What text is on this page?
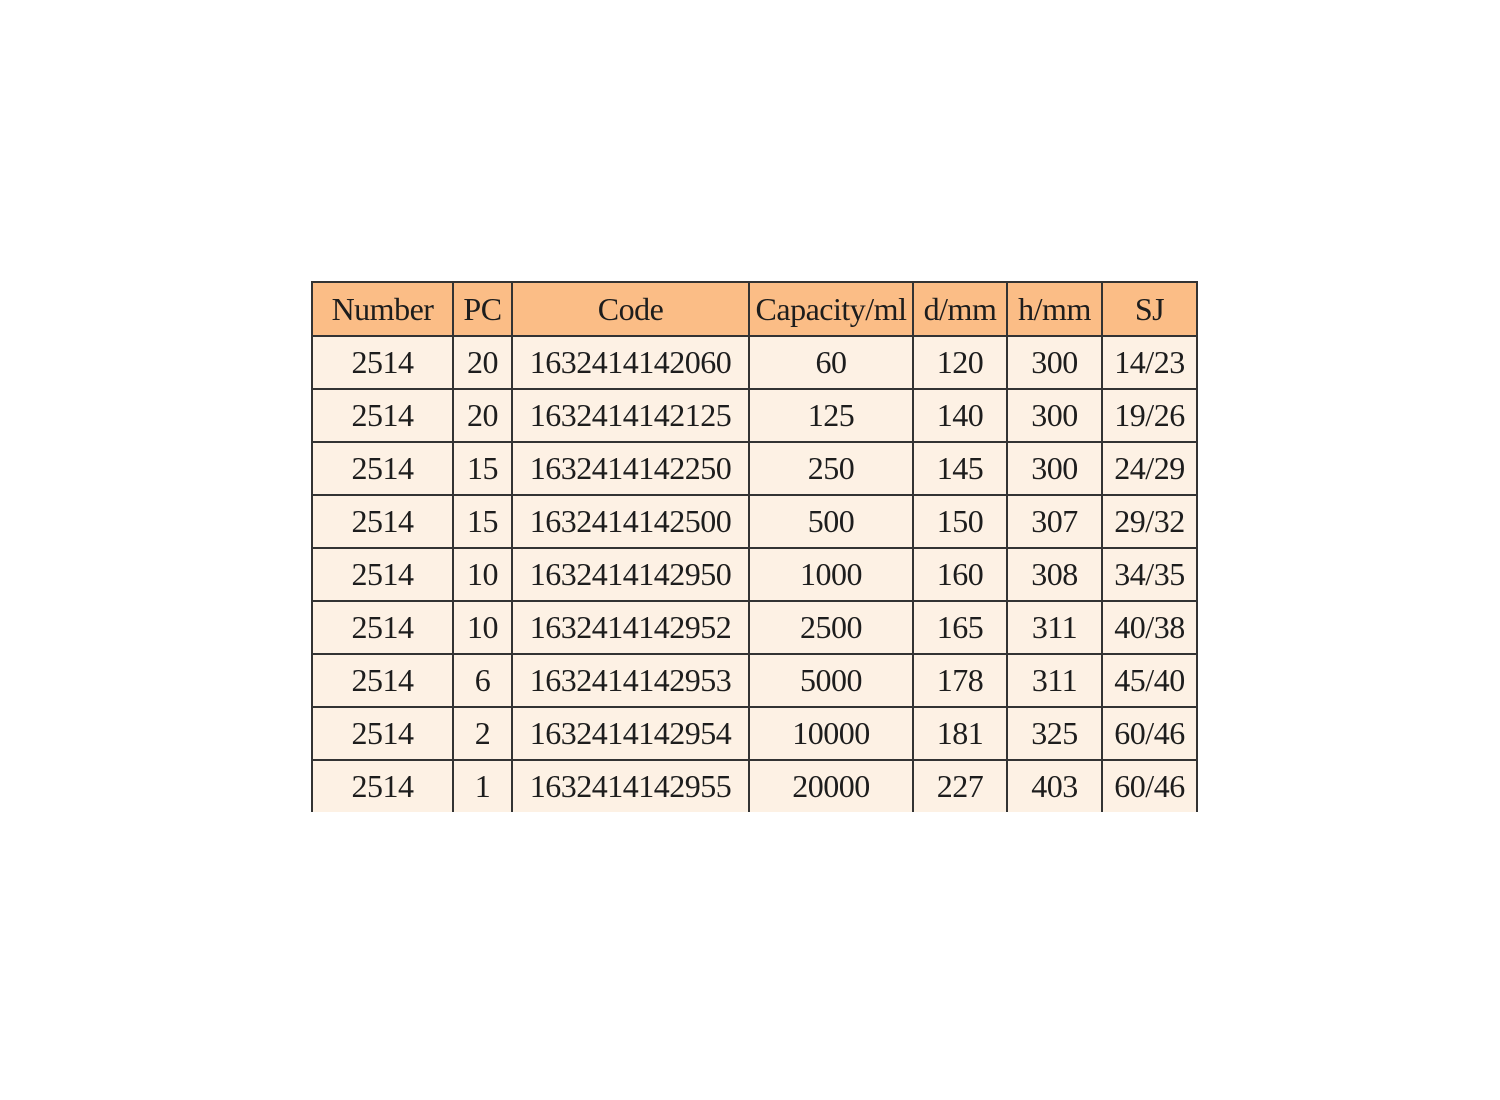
Number	PC	Code	Capacity/ml	d/mm	h/mm	SJ
2514	20	1632414142060	60	120	300	14/23
2514	20	1632414142125	125	140	300	19/26
2514	15	1632414142250	250	145	300	24/29
2514	15	1632414142500	500	150	307	29/32
2514	10	1632414142950	1000	160	308	34/35
2514	10	1632414142952	2500	165	311	40/38
2514	6	1632414142953	5000	178	311	45/40
2514	2	1632414142954	10000	181	325	60/46
2514	1	1632414142955	20000	227	403	60/46
